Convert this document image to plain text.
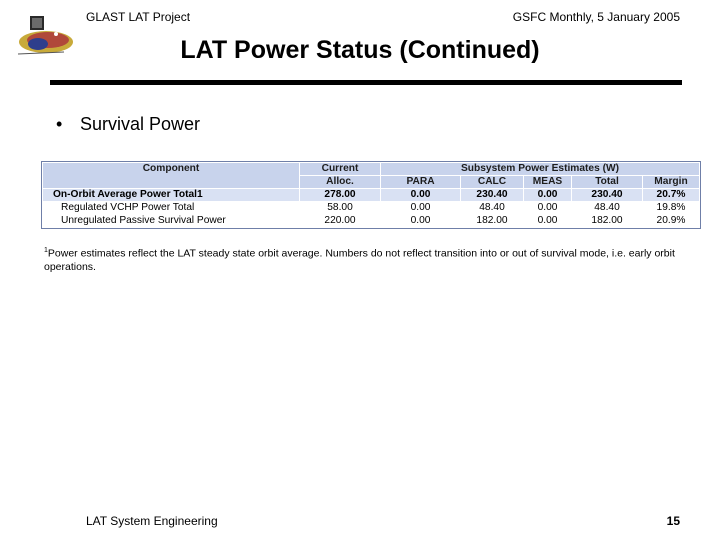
GLAST LAT Project	GSFC Monthly, 5 January 2005
LAT Power Status (Continued)
• Survival Power
Component	Current	Subsystem Power Estimates (W)				
	Alloc.	PARA	CALC	MEAS	Total	Margin
On-Orbit Average Power Total1	278.00	0.00	230.40	0.00	230.40	20.7%
Regulated VCHP Power Total	58.00	0.00	48.40	0.00	48.40	19.8%
Unregulated Passive Survival Power	220.00	0.00	182.00	0.00	182.00	20.9%
$^1$Power estimates reflect the LAT steady state orbit average. Numbers do not reflect transition into or out of survival mode, i.e. early orbit operations.
LAT System Engineering	15
